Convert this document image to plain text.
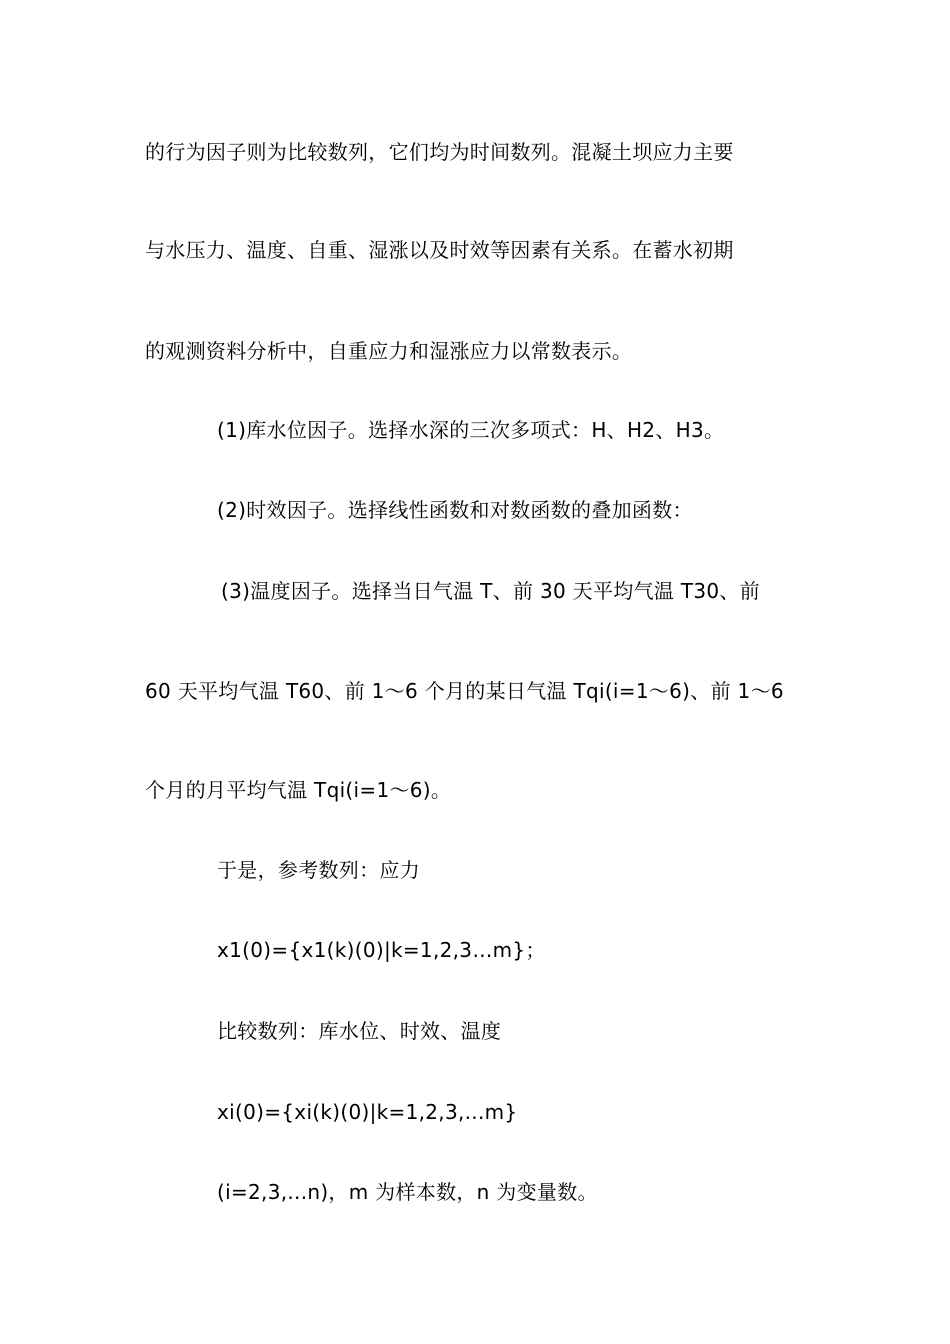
的行为因子则为比较数列，它们均为时间数列。混凝土坝应力主要
与水压力、温度、自重、湿涨以及时效等因素有关系。在蓄水初期
的观测资料分析中，自重应力和湿涨应力以常数表示。
(1)库水位因子。选择水深的三次多项式：H、H2、H3。
(2)时效因子。选择线性函数和对数函数的叠加函数：
(3)温度因子。选择当日气温 T、前 30 天平均气温 T30、前
60 天平均气温 T60、前 1～6 个月的某日气温 Tqi(i=1～6)、前 1～6
个月的月平均气温 Tqi(i=1～6)。
于是，参考数列：应力
x1(0)={x1(k)(0)|k=1,2,3…m}；
比较数列：库水位、时效、温度
xi(0)={xi(k)(0)|k=1,2,3,...m}
(i=2,3,...n)，m 为样本数，n 为变量数。
